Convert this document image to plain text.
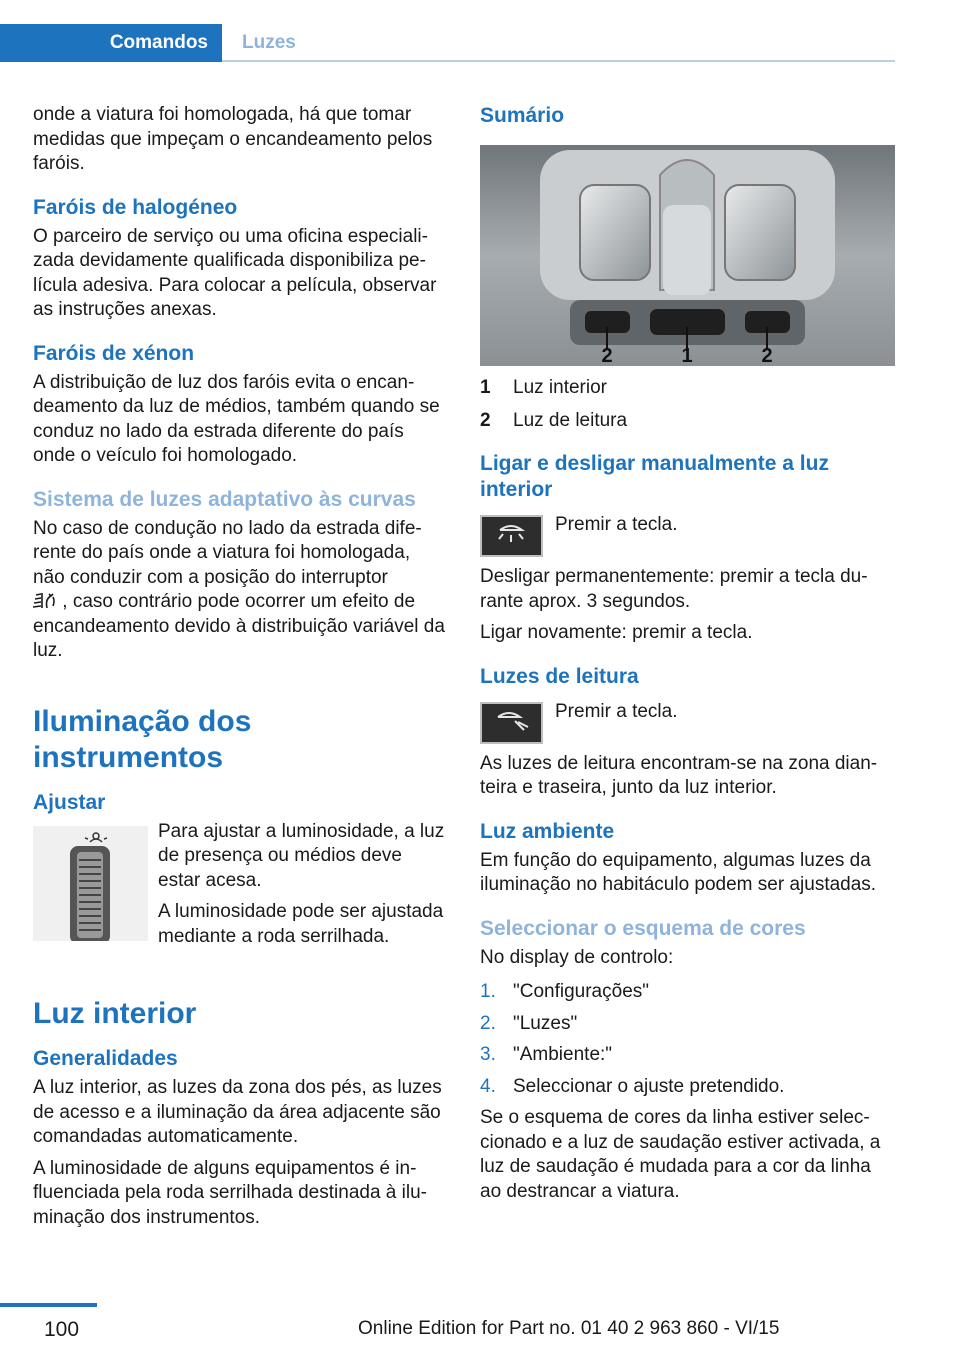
Comandos	Luzes

onde a viatura foi homologada, há que tomar medidas que impeçam o encandeamento pelos faróis.

Faróis de halogéneo

O parceiro de serviço ou uma oficina especializada devidamente qualificada disponibiliza película adesiva. Para colocar a película, observar as instruções anexas.

Faróis de xénon

A distribuição de luz dos faróis evita o encandeamento da luz de médios, também quando se conduz no lado da estrada diferente do país onde o veículo foi homologado.

Sistema de luzes adaptativo às curvas

No caso de condução no lado da estrada diferente do país onde a viatura foi homologada, não conduzir com a posição do interruptor
, caso contrário pode ocorrer um efeito de encandeamento devido à distribuição variável da luz.

Iluminação dos instrumentos
Ajustar

Para ajustar a luminosidade, a luz de presença ou médios deve estar acesa.

A luminosidade pode ser ajustada mediante a roda serrilhada.

Luz interior
Generalidades

A luz interior, as luzes da zona dos pés, as luzes de acesso e a iluminação da área adjacente são comandadas automaticamente.

A luminosidade de alguns equipamentos é influenciada pela roda serrilhada destinada à iluminação dos instrumentos.

Sumário
2	1	2
1	Luz interior
2	Luz de leitura
Ligar e desligar manualmente a luz interior

Premir a tecla.

Desligar permanentemente: premir a tecla durante aprox. 3 segundos.

Ligar novamente: premir a tecla.

Luzes de leitura

Premir a tecla.

As luzes de leitura encontram-se na zona dianteira e traseira, junto da luz interior.

Luz ambiente

Em função do equipamento, algumas luzes da iluminação no habitáculo podem ser ajustadas.

Seleccionar o esquema de cores

No display de controlo:

1. "Configurações"
2. "Luzes"
3. "Ambiente:"
4. Seleccionar o ajuste pretendido.

Se o esquema de cores da linha estiver seleccionado e a luz de saudação estiver activada, a luz de saudação é mudada para a cor da linha ao destrancar a viatura.

100	Online Edition for Part no. 01 40 2 963 860 - VI/15
